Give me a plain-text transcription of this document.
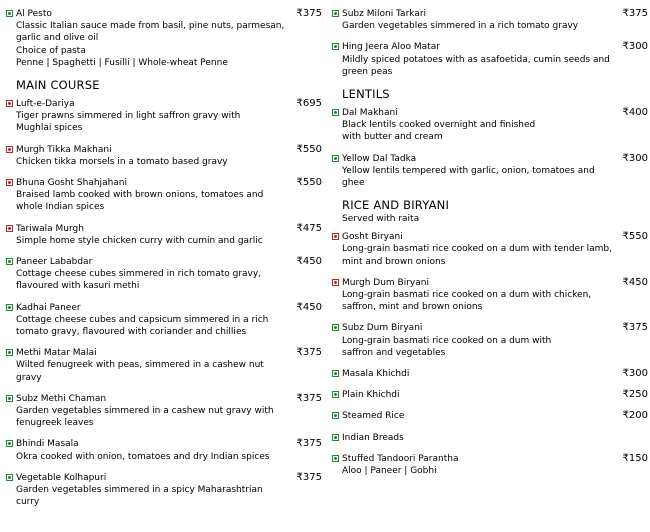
Al Pesto	₹375
Classic Italian sauce made from basil, pine nuts, parmesan,
garlic and olive oil
Choice of pasta
Penne | Spaghetti | Fusilli | Whole-wheat Penne
MAIN COURSE
Luft-e-Dariya	₹695
Tiger prawns simmered in light saffron gravy with
Mughlai spices
Murgh Tikka Makhani	₹550
Chicken tikka morsels in a tomato based gravy
Bhuna Gosht Shahjahani	₹550
Braised lamb cooked with brown onions, tomatoes and
whole Indian spices
Tariwala Murgh	₹475
Simple home style chicken curry with cumin and garlic
Paneer Lababdar	₹450
Cottage cheese cubes simmered in rich tomato gravy,
flavoured with kasuri methi
Kadhai Paneer	₹450
Cottage cheese cubes and capsicum simmered in a rich
tomato gravy, flavoured with coriander and chillies
Methi Matar Malai	₹375
Wilted fenugreek with peas, simmered in a cashew nut gravy
Subz Methi Chaman	₹375
Garden vegetables simmered in a cashew nut gravy with
fenugreek leaves
Bhindi Masala	₹375
Okra cooked with onion, tomatoes and dry Indian spices
Vegetable Kolhapuri	₹375
Garden vegetables simmered in a spicy Maharashtrian curry
Subz Miloni Tarkari	₹375
Garden vegetables simmered in a rich tomato gravy
Hing Jeera Aloo Matar	₹300
Mildly spiced potatoes with as asafoetida, cumin seeds and
green peas
LENTILS
Dal Makhani	₹400
Black lentils cooked overnight and finished
with butter and cream
Yellow Dal Tadka	₹300
Yellow lentils tempered with garlic, onion, tomatoes and ghee
RICE AND BIRYANI
Served with raita
Gosht Biryani	₹550
Long-grain basmati rice cooked on a dum with tender lamb,
mint and brown onions
Murgh Dum Biryani	₹450
Long-grain basmati rice cooked on a dum with chicken,
saffron, mint and brown onions
Subz Dum Biryani	₹375
Long-grain basmati rice cooked on a dum with
saffron and vegetables
Masala Khichdi	₹300
Plain Khichdi	₹250
Steamed Rice	₹200
Indian Breads
Stuffed Tandoori Parantha	₹150
Aloo | Paneer | Gobhi
